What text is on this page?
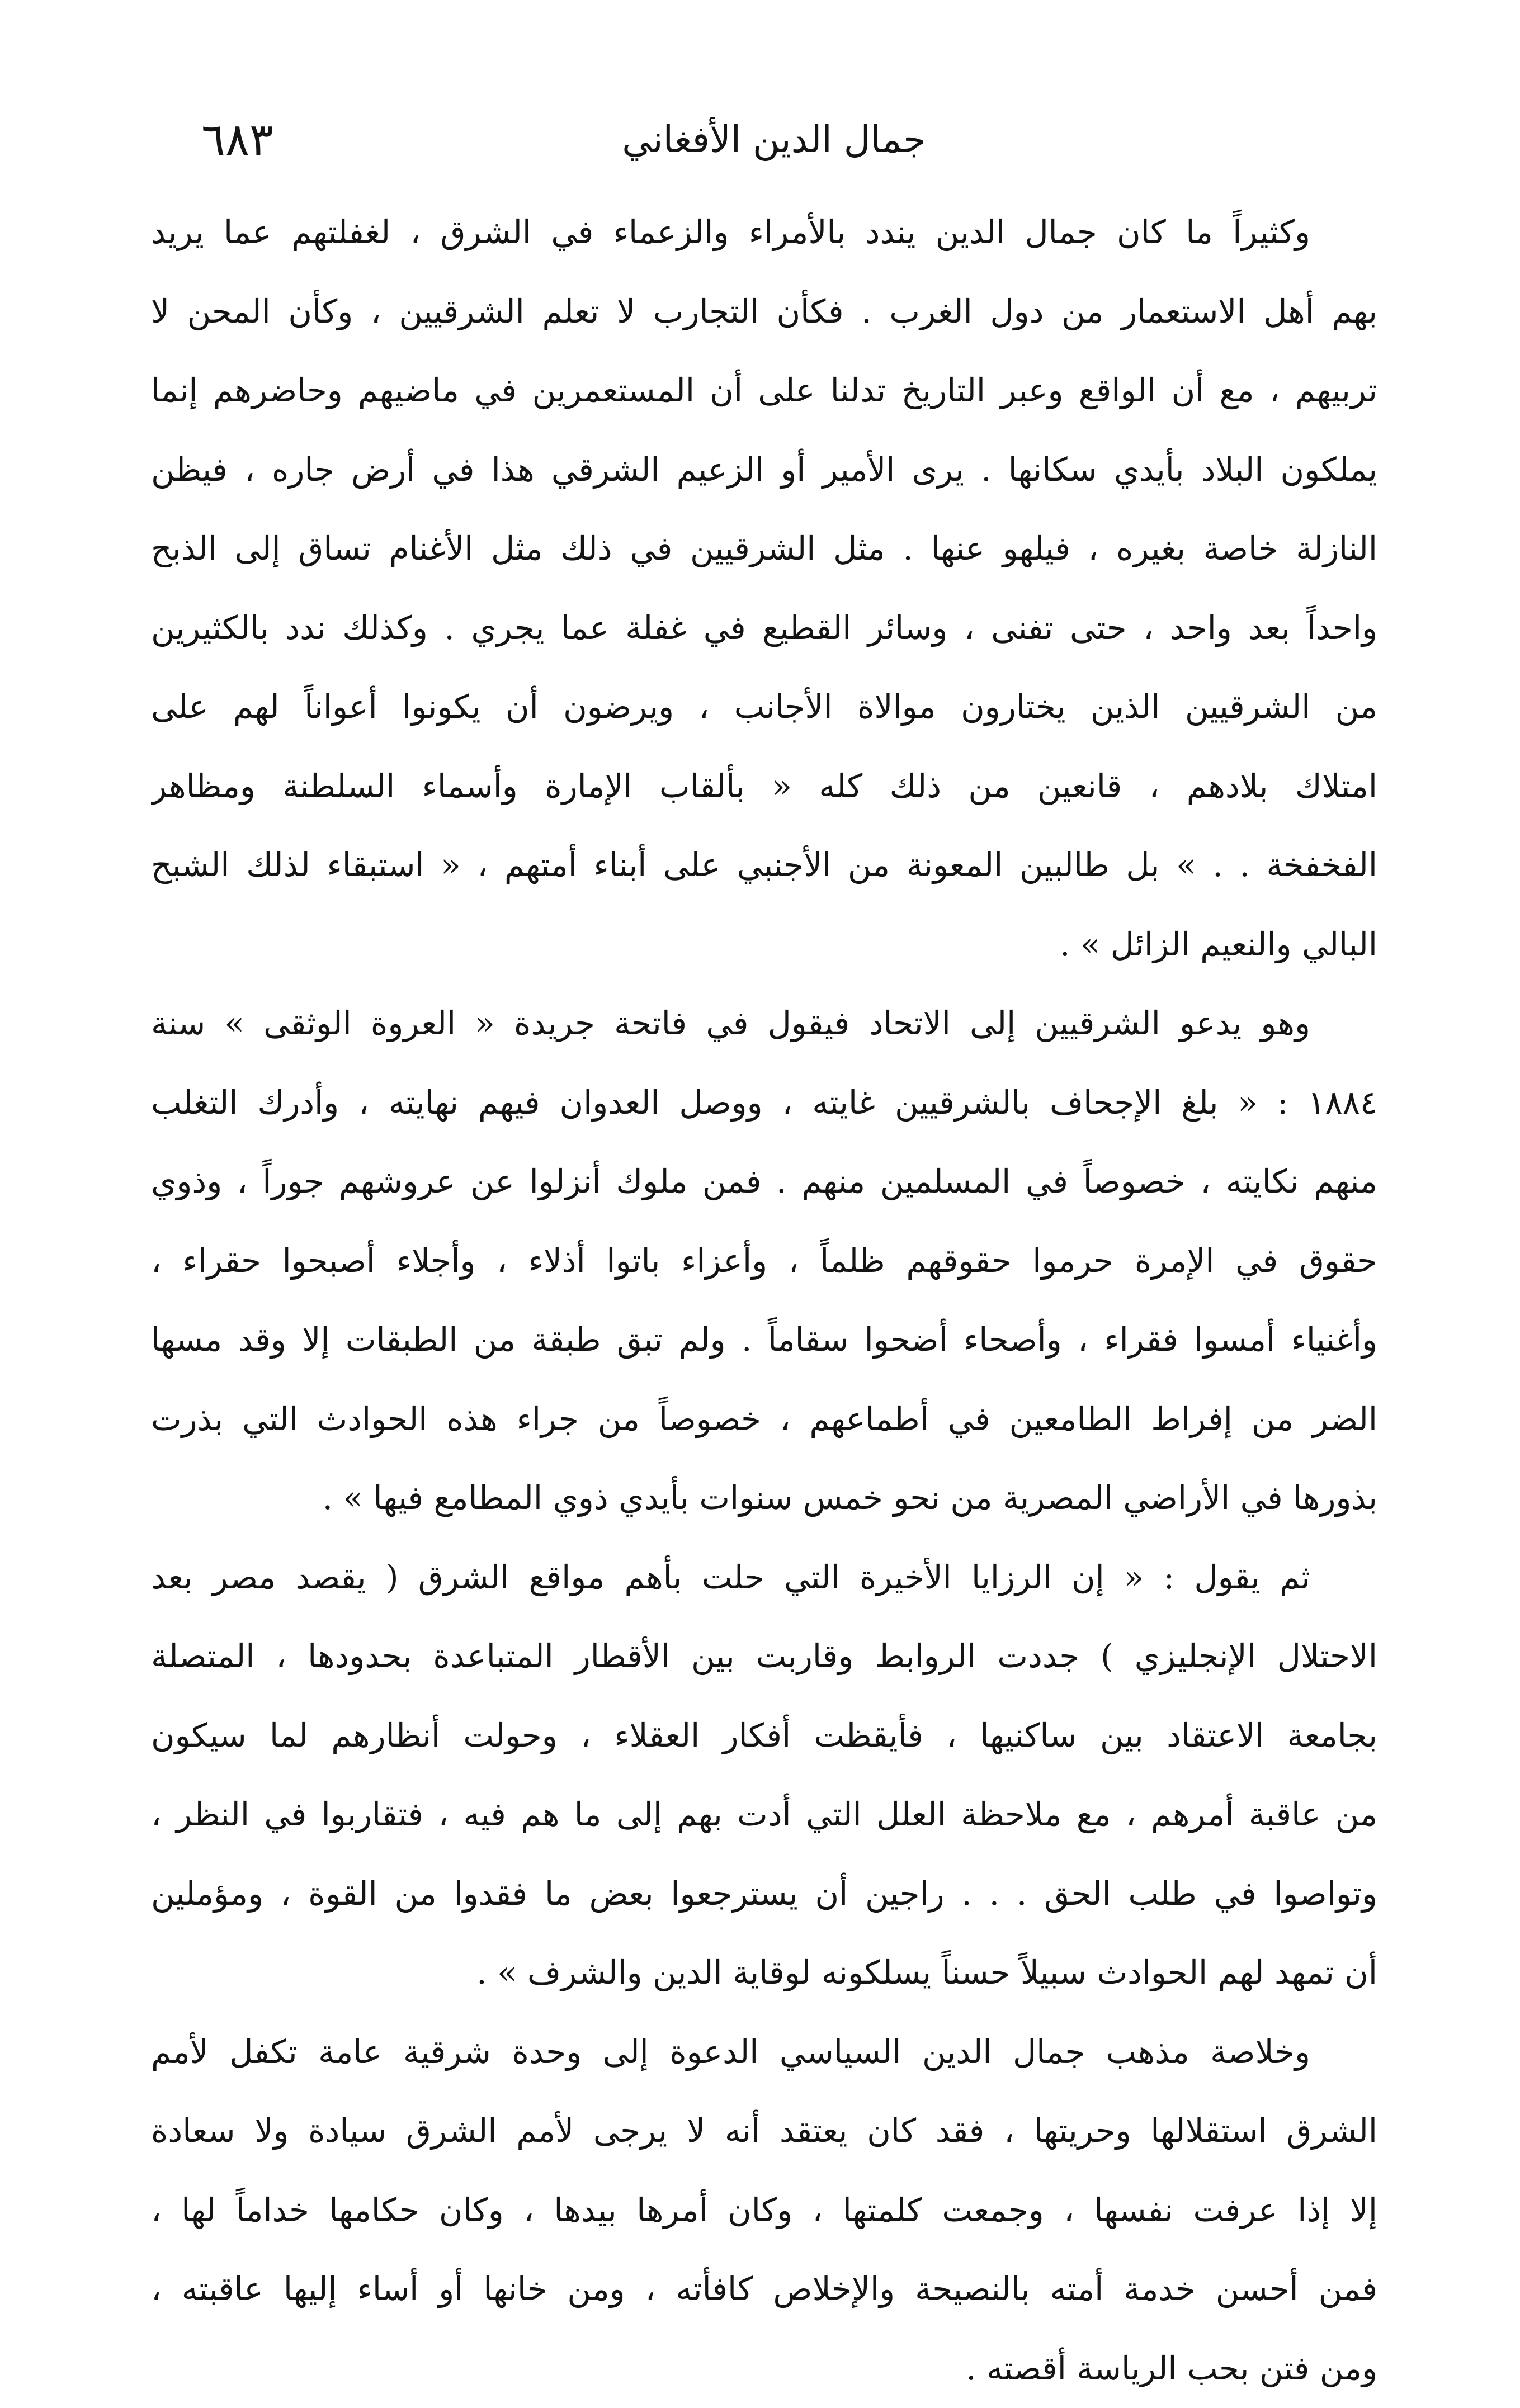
٦٨٣	جمال الدين الأفغاني
وكثيراً ما كان جمال الدين يندد بالأمراء والزعماء في الشرق ، لغفلتهم عما يريد
بهم أهل الاستعمار من دول الغرب . فكأن التجارب لا تعلم الشرقيين ، وكأن المحن لا
تربيهم ، مع أن الواقع وعبر التاريخ تدلنا على أن المستعمرين في ماضيهم وحاضرهم إنما
يملكون البلاد بأيدي سكانها . يرى الأمير أو الزعيم الشرقي هذا في أرض جاره ، فيظن
النازلة خاصة بغيره ، فيلهو عنها . مثل الشرقيين في ذلك مثل الأغنام تساق إلى الذبح
واحداً بعد واحد ، حتى تفنى ، وسائر القطيع في غفلة عما يجري . وكذلك ندد بالكثيرين
من الشرقيين الذين يختارون موالاة الأجانب ، ويرضون أن يكونوا أعواناً لهم على
امتلاك بلادهم ، قانعين من ذلك كله « بألقاب الإمارة وأسماء السلطنة ومظاهر
الفخفخة . . » بل طالبين المعونة من الأجنبي على أبناء أمتهم ، « استبقاء لذلك الشبح
البالي والنعيم الزائل » .
وهو يدعو الشرقيين إلى الاتحاد فيقول في فاتحة جريدة « العروة الوثقى » سنة
١٨٨٤ : « بلغ الإجحاف بالشرقيين غايته ، ووصل العدوان فيهم نهايته ، وأدرك التغلب
منهم نكايته ، خصوصاً في المسلمين منهم . فمن ملوك أنزلوا عن عروشهم جوراً ، وذوي
حقوق في الإمرة حرموا حقوقهم ظلماً ، وأعزاء باتوا أذلاء ، وأجلاء أصبحوا حقراء ،
وأغنياء أمسوا فقراء ، وأصحاء أضحوا سقاماً . ولم تبق طبقة من الطبقات إلا وقد مسها
الضر من إفراط الطامعين في أطماعهم ، خصوصاً من جراء هذه الحوادث التي بذرت
بذورها في الأراضي المصرية من نحو خمس سنوات بأيدي ذوي المطامع فيها » .
ثم يقول : « إن الرزايا الأخيرة التي حلت بأهم مواقع الشرق ( يقصد مصر بعد
الاحتلال الإنجليزي ) جددت الروابط وقاربت بين الأقطار المتباعدة بحدودها ، المتصلة
بجامعة الاعتقاد بين ساكنيها ، فأيقظت أفكار العقلاء ، وحولت أنظارهم لما سيكون
من عاقبة أمرهم ، مع ملاحظة العلل التي أدت بهم إلى ما هم فيه ، فتقاربوا في النظر ،
وتواصوا في طلب الحق . . . راجين أن يسترجعوا بعض ما فقدوا من القوة ، ومؤملين
أن تمهد لهم الحوادث سبيلاً حسناً يسلكونه لوقاية الدين والشرف » .
وخلاصة مذهب جمال الدين السياسي الدعوة إلى وحدة شرقية عامة تكفل لأمم
الشرق استقلالها وحريتها ، فقد كان يعتقد أنه لا يرجى لأمم الشرق سيادة ولا سعادة
إلا إذا عرفت نفسها ، وجمعت كلمتها ، وكان أمرها بيدها ، وكان حكامها خداماً لها ،
فمن أحسن خدمة أمته بالنصيحة والإخلاص كافأته ، ومن خانها أو أساء إليها عاقبته ،
ومن فتن بحب الرياسة أقصته .
